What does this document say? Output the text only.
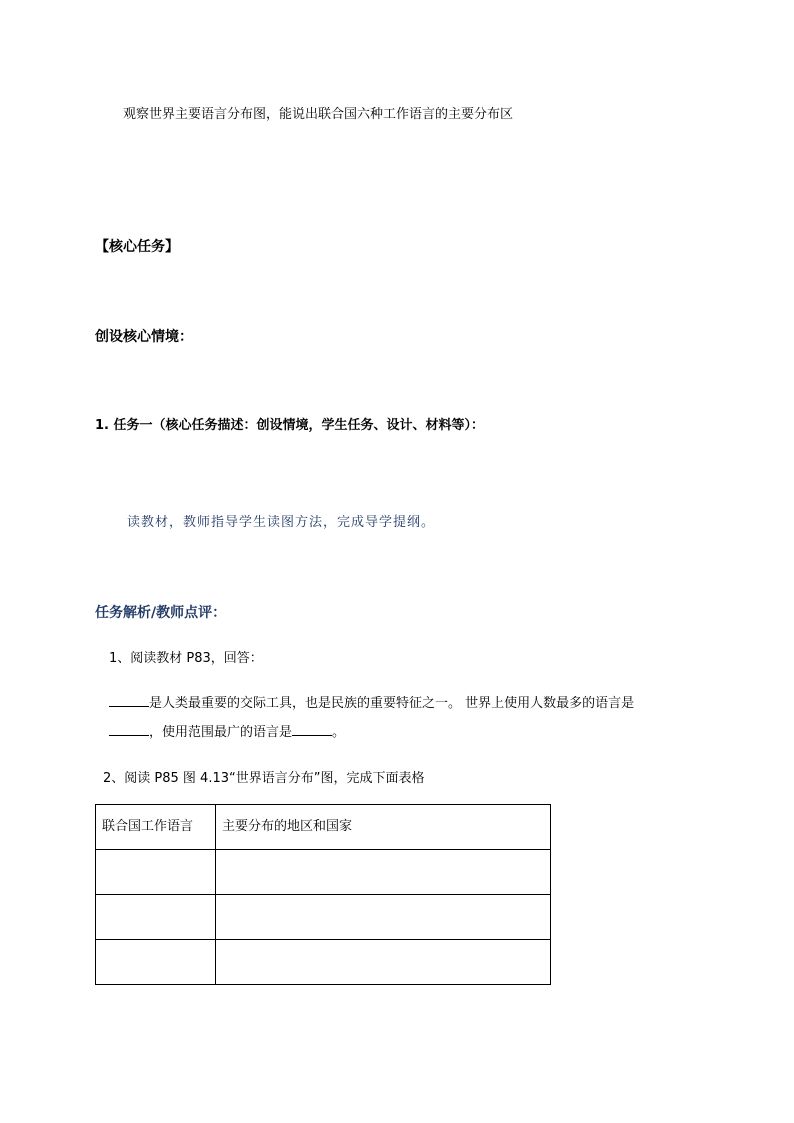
观察世界主要语言分布图，能说出联合国六种工作语言的主要分布区
【核心任务】
创设核心情境：
1. 任务一（核心任务描述：创设情境，学生任务、设计、材料等）：
读教材，教师指导学生读图方法，完成导学提纲。
任务解析/教师点评：
1、阅读教材 P83，回答：
是人类最重要的交际工具，也是民族的重要特征之一。 世界上使用人数最多的语言是
，使用范围最广的语言是	。
2、阅读 P85 图 4.13“世界语言分布”图，完成下面表格
联合国工作语言	主要分布的地区和国家
